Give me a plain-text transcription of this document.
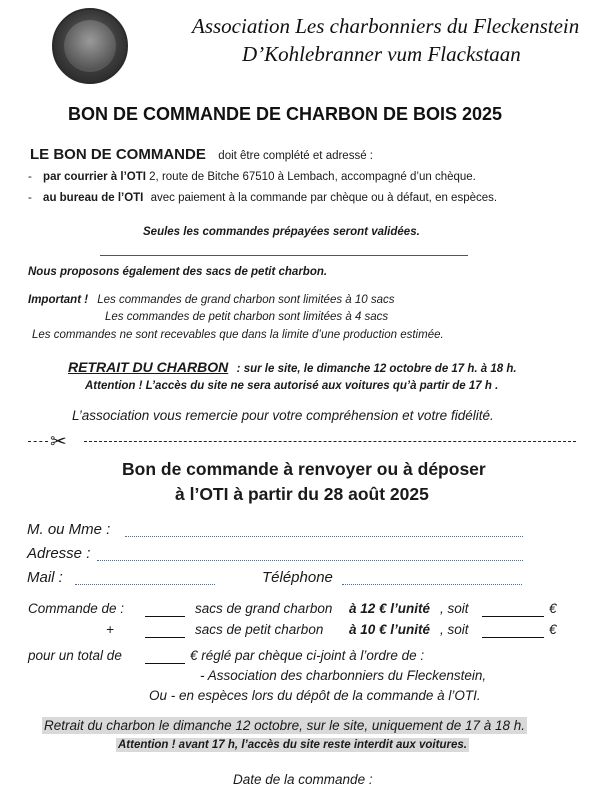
Association Les charbonniers du Fleckenstein
D’Kohlebranner vum Flackstaan
BON DE COMMANDE DE CHARBON DE BOIS 2025
LE BON DE COMMANDE doit être complété et adressé :
- par courrier à l’OTI 2, route de Bitche 67510 à Lembach, accompagné d’un chèque.
- au bureau de l’OTI avec paiement à la commande par chèque ou à défaut, en espèces.
Seules les commandes prépayées seront validées.
Nous proposons également des sacs de petit charbon.
Important ! Les commandes de grand charbon sont limitées à 10 sacs
Les commandes de petit charbon sont limitées à 4 sacs
Les commandes ne sont recevables que dans la limite d’une production estimée.
RETRAIT DU CHARBON : sur le site, le dimanche 12 octobre de 17 h. à 18 h.
Attention ! L’accès du site ne sera autorisé aux voitures qu’à partir de 17 h .
L’association vous remercie pour votre compréhension et votre fidélité.
✂
Bon de commande à renvoyer ou à déposer
à l’OTI à partir du 28 août 2025
M. ou Mme :
Adresse :
Mail :	Téléphone
Commande de :	sacs de grand charbon à 12 € l’unité , soit	€
+	sacs de petit charbon à 10 € l’unité , soit	€
pour un total de	€ réglé par chèque ci-joint à l’ordre de :
- Association des charbonniers du Fleckenstein,
Ou - en espèces lors du dépôt de la commande à l’OTI.
Retrait du charbon le dimanche 12 octobre, sur le site, uniquement de 17 à 18 h.
Attention ! avant 17 h, l’accès du site reste interdit aux voitures.
Date de la commande :
